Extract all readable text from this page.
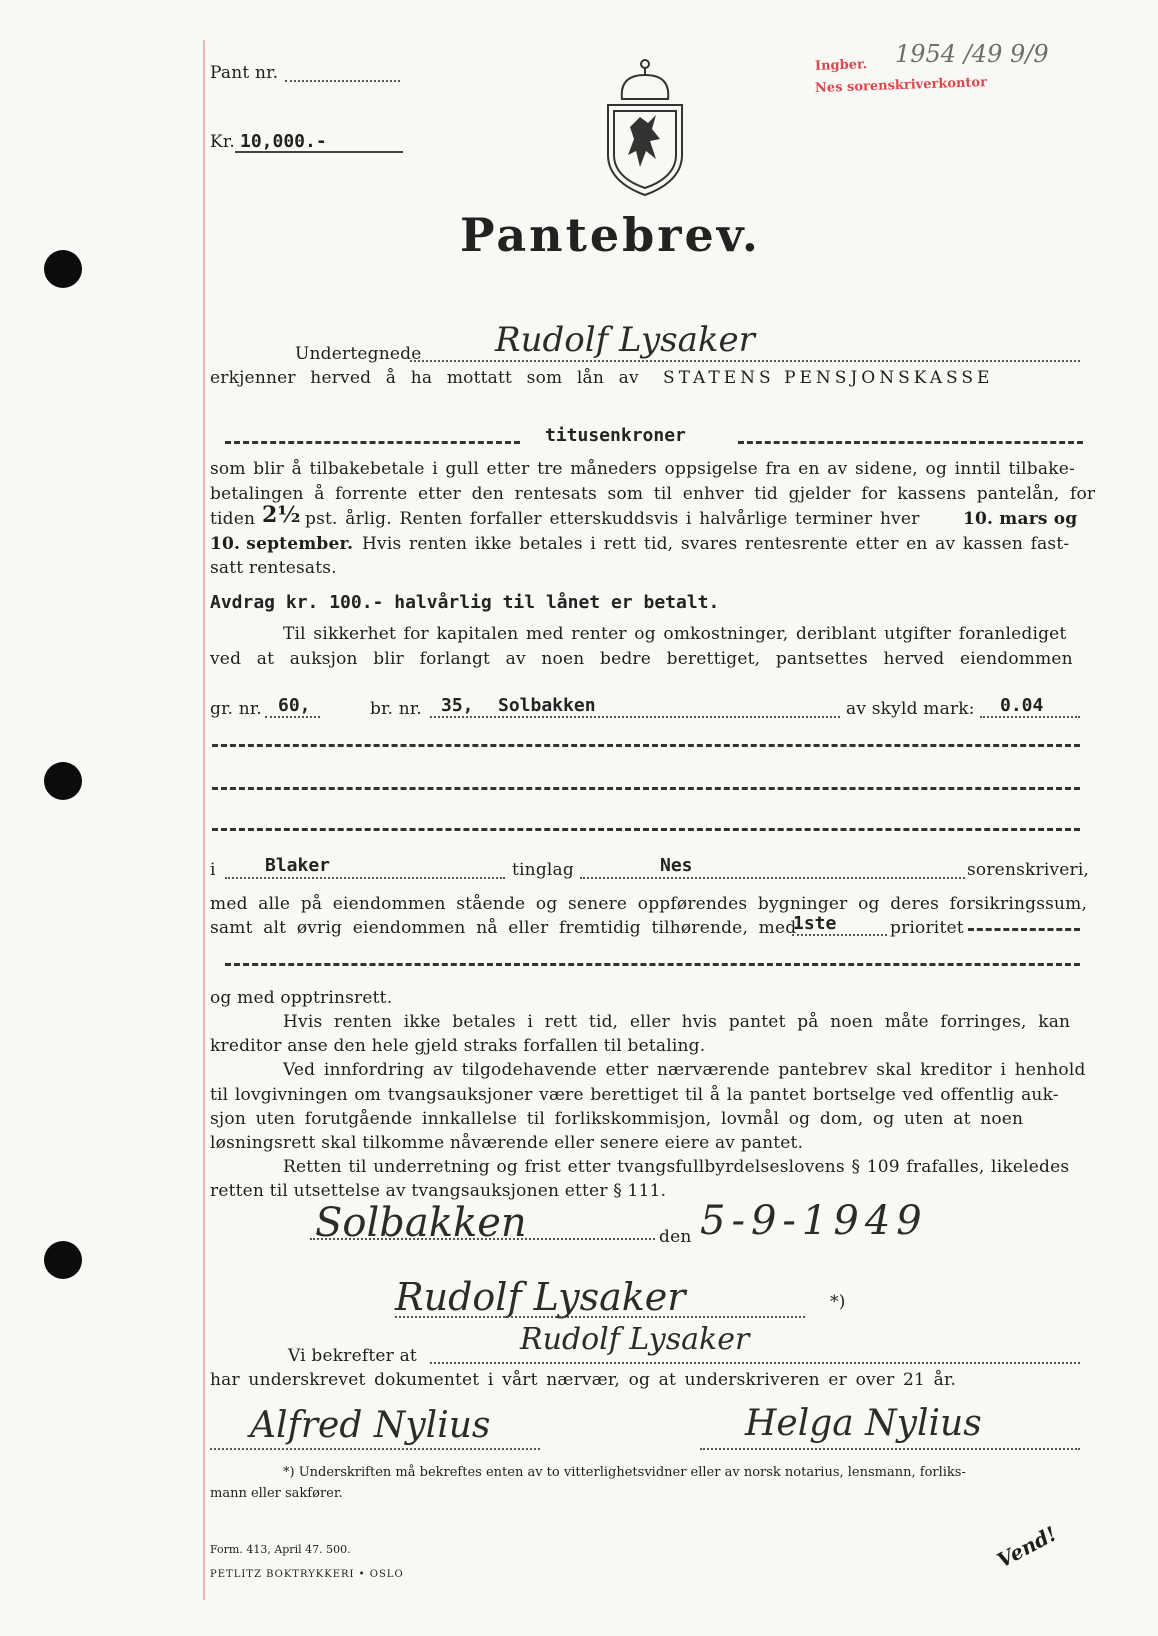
Pant nr.
Kr. 10,000.-
Pantebrev.
Ingber.
Nes sorenskriverkontor
1954 /49 9/9
Undertegnede Rudolf Lysaker
erkjenner herved å ha mottatt som lån av STATENS PENSJONSKASSE
titusenkroner
som blir å tilbakebetale i gull etter tre måneders oppsigelse fra en av sidene, og inntil tilbake-
betalingen å forrente etter den rentesats som til enhver tid gjelder for kassens pantelån, for
tiden 2½ pst. årlig. Renten forfaller etterskuddsvis i halvårlige terminer hver	10. mars og
10. september. Hvis renten ikke betales i rett tid, svares rentesrente etter en av kassen fast-
satt rentesats.
Avdrag kr. 100.- halvårlig til lånet er betalt.
Til sikkerhet for kapitalen med renter og omkostninger, deriblant utgifter foranlediget
ved at auksjon blir forlangt av noen bedre berettiget, pantsettes herved eiendommen
gr. nr. 60,	br. nr. 35, Solbakken	av skyld mark: 0.04
i	Blaker	tinglag	Nes	sorenskriveri,
med alle på eiendommen stående og senere oppførendes bygninger og deres forsikringssum,
samt alt øvrig eiendommen nå eller fremtidig tilhørende, med
1ste	prioritet
og med opptrinsrett.
Hvis renten ikke betales i rett tid, eller hvis pantet på noen måte forringes, kan
kreditor anse den hele gjeld straks forfallen til betaling.
Ved innfordring av tilgodehavende etter nærværende pantebrev skal kreditor i henhold
til lovgivningen om tvangsauksjoner være berettiget til å la pantet bortselge ved offentlig auk-
sjon uten forutgående innkallelse til forlikskommisjon, lovmål og dom, og uten at noen
løsningsrett skal tilkomme nåværende eller senere eiere av pantet.
Retten til underretning og frist etter tvangsfullbyrdelseslovens § 109 frafalles, likeledes
retten til utsettelse av tvangsauksjonen etter § 111.
Solbakken	den 5-9-1949
Rudolf Lysaker	*)
Vi bekrefter at	Rudolf Lysaker
har underskrevet dokumentet i vårt nærvær, og at underskriveren er over 21 år.
Alfred Nylius	Helga Nylius
*) Underskriften må bekreftes enten av to vitterlighetsvidner eller av norsk notarius, lensmann, forliks-
mann eller sakfører.
Form. 413, April 47. 500.
PETLITZ BOKTRYKKERI • OSLO
Vend!
